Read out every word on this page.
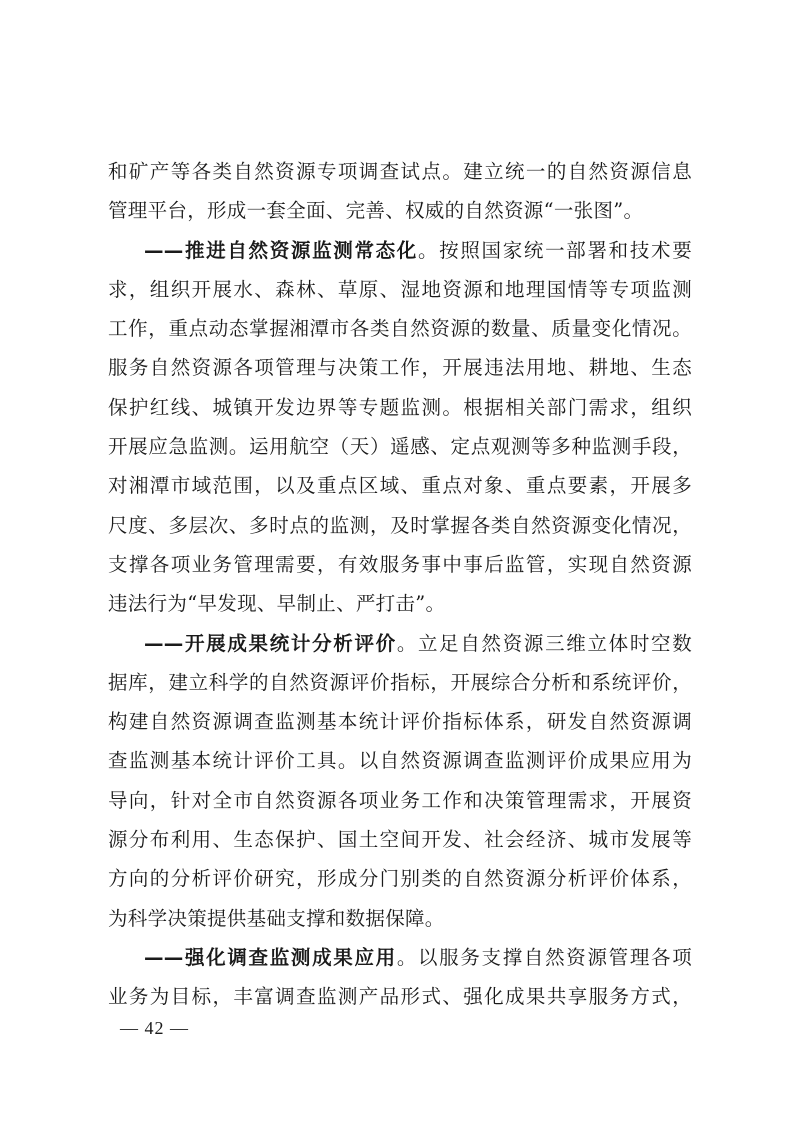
和矿产等各类自然资源专项调查试点。建立统一的自然资源信息
管理平台，形成一套全面、完善、权威的自然资源“一张图”。
——推进自然资源监测常态化。按照国家统一部署和技术要
求，组织开展水、森林、草原、湿地资源和地理国情等专项监测
工作，重点动态掌握湘潭市各类自然资源的数量、质量变化情况。
服务自然资源各项管理与决策工作，开展违法用地、耕地、生态
保护红线、城镇开发边界等专题监测。根据相关部门需求，组织
开展应急监测。运用航空（天）遥感、定点观测等多种监测手段，
对湘潭市域范围，以及重点区域、重点对象、重点要素，开展多
尺度、多层次、多时点的监测，及时掌握各类自然资源变化情况，
支撑各项业务管理需要，有效服务事中事后监管，实现自然资源
违法行为“早发现、早制止、严打击”。
——开展成果统计分析评价。立足自然资源三维立体时空数
据库，建立科学的自然资源评价指标，开展综合分析和系统评价，
构建自然资源调查监测基本统计评价指标体系，研发自然资源调
查监测基本统计评价工具。以自然资源调查监测评价成果应用为
导向，针对全市自然资源各项业务工作和决策管理需求，开展资
源分布利用、生态保护、国土空间开发、社会经济、城市发展等
方向的分析评价研究，形成分门别类的自然资源分析评价体系，
为科学决策提供基础支撑和数据保障。
——强化调查监测成果应用。以服务支撑自然资源管理各项
业务为目标，丰富调查监测产品形式、强化成果共享服务方式，
— 42 —
